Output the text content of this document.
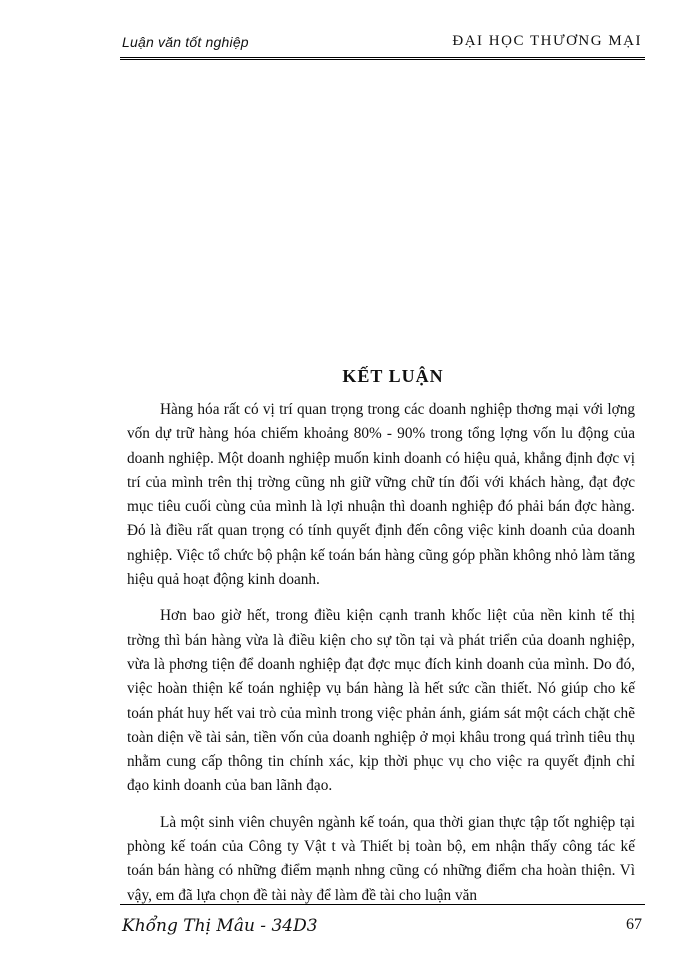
Luận văn tốt nghiệp	ĐẠI HỌC THƯƠNG MẠI
KẾT LUẬN

Hàng hóa rất có vị trí quan trọng trong các doanh nghiệp thơng mại với lợng vốn dự trữ hàng hóa chiếm khoảng 80% - 90% trong tổng lợng vốn lu động của doanh nghiệp. Một doanh nghiệp muốn kinh doanh có hiệu quả, khẳng định đợc vị trí của mình trên thị trờng cũng nh giữ vững chữ tín đối với khách hàng, đạt đợc mục tiêu cuối cùng của mình là lợi nhuận thì doanh nghiệp đó phải bán đợc hàng. Đó là điều rất quan trọng có tính quyết định đến công việc kinh doanh của doanh nghiệp. Việc tổ chức bộ phận kế toán bán hàng cũng góp phần không nhỏ làm tăng hiệu quả hoạt động kinh doanh.

Hơn bao giờ hết, trong điều kiện cạnh tranh khốc liệt của nền kinh tế thị trờng thì bán hàng vừa là điều kiện cho sự tồn tại và phát triển của doanh nghiệp, vừa là phơng tiện để doanh nghiệp đạt đợc mục đích kinh doanh của mình. Do đó, việc hoàn thiện kế toán nghiệp vụ bán hàng là hết sức cần thiết. Nó giúp cho kế toán phát huy hết vai trò của mình trong việc phản ánh, giám sát một cách chặt chẽ toàn diện về tài sản, tiền vốn của doanh nghiệp ở mọi khâu trong quá trình tiêu thụ nhằm cung cấp thông tin chính xác, kịp thời phục vụ cho việc ra quyết định chỉ đạo kinh doanh của ban lãnh đạo.

Là một sinh viên chuyên ngành kế toán, qua thời gian thực tập tốt nghiệp tại phòng kế toán của Công ty Vật t và Thiết bị toàn bộ, em nhận thấy công tác kế toán bán hàng có những điểm mạnh nhng cũng có những điểm cha hoàn thiện. Vì vậy, em đã lựa chọn đề tài này để làm đề tài cho luận văn

Khổng Thị Mâu - 34D3	67
